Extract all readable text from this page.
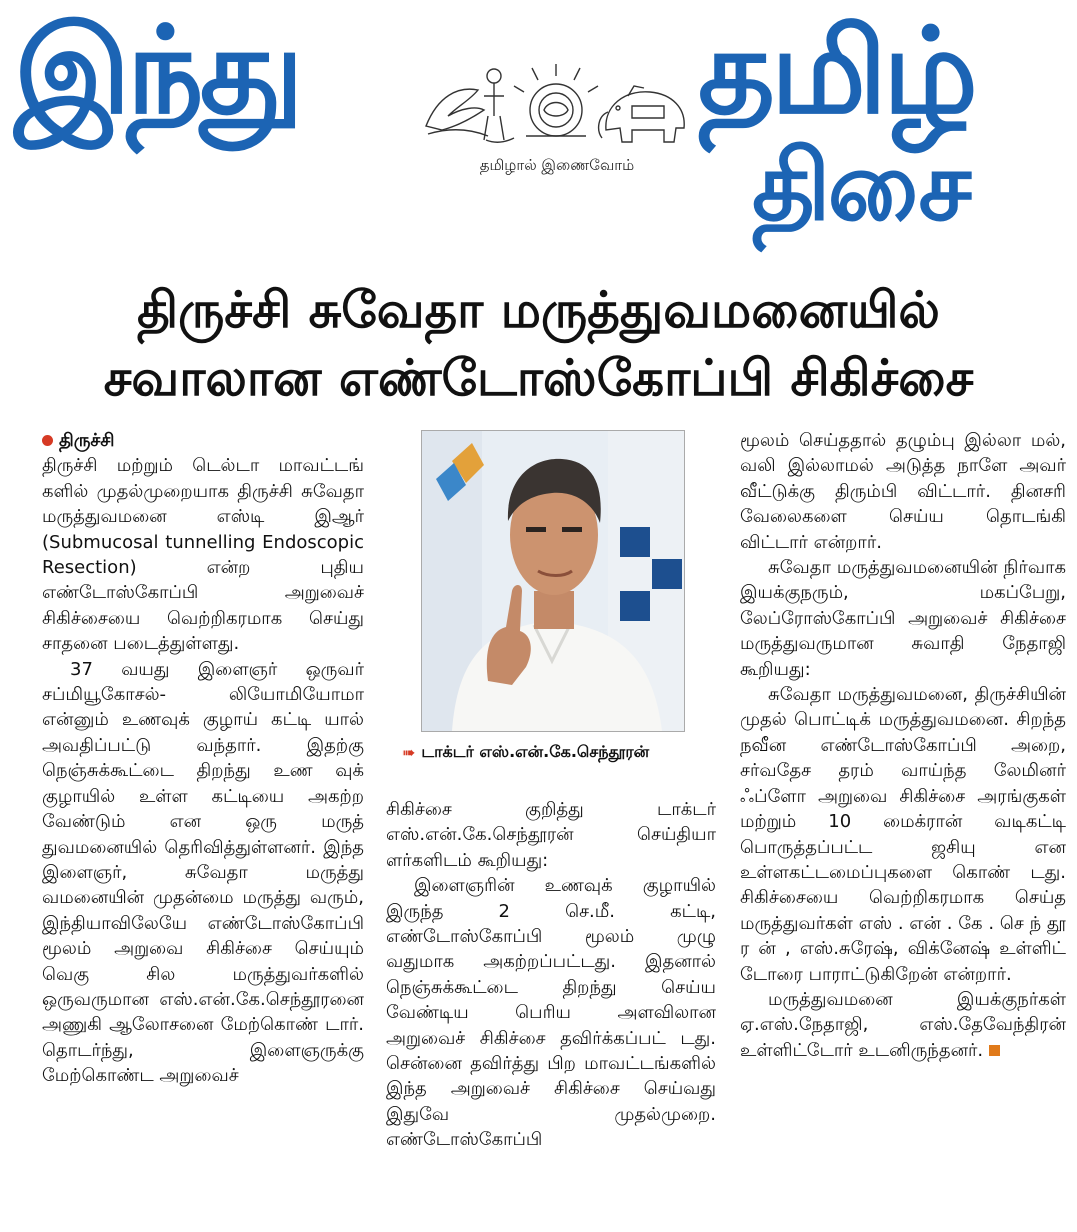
இந்து
தமிழால் இணைவோம்
தமிழ்
திசை
திருச்சி சுவேதா மருத்துவமனையில்
சவாலான எண்டோஸ்கோப்பி சிகிச்சை
திருச்சி

திருச்சி மற்றும் டெல்டா மாவட்டங் களில் முதல்முறையாக திருச்சி சுவேதா மருத்துவமனை எஸ்டி இஆர் (Submucosal tunnelling Endoscopic Resection) என்ற புதிய எண்டோஸ்கோப்பி அறுவைச் சிகிச்சையை வெற்றிகரமாக செய்து சாதனை படைத்துள்ளது.

37 வயது இளைஞர் ஒருவர் சப்மியூகோசல்- லியோமியோமா என்னும் உணவுக் குழாய் கட்டி யால் அவதிப்பட்டு வந்தார். இதற்கு நெஞ்சுக்கூட்டை திறந்து உண வுக் குழாயில் உள்ள கட்டியை அகற்ற வேண்டும் என ஒரு மருத் துவமனையில் தெரிவித்துள்ளனர். இந்த இளைஞர், சுவேதா மருத்து வமனையின் முதன்மை மருத்து வரும், இந்தியாவிலேயே எண்டோஸ்கோப்பி மூலம் அறுவை சிகிச்சை செய்யும் வெகு சில மருத்துவர்களில் ஒருவருமான எஸ்.என்.கே.செந்தூரனை அணுகி ஆலோசனை மேற்கொண் டார். தொடர்ந்து, இளைஞருக்கு மேற்கொண்ட அறுவைச்

➠ டாக்டர் எஸ்.என்.கே.செந்தூரன்

சிகிச்சை குறித்து டாக்டர் எஸ்.என்.கே.செந்தூரன் செய்தியா ளர்களிடம் கூறியது:

இளைஞரின் உணவுக் குழாயில் இருந்த 2 செ.மீ. கட்டி, எண்டோஸ்கோப்பி மூலம் முழு வதுமாக அகற்றப்பட்டது. இதனால் நெஞ்சுக்கூட்டை திறந்து செய்ய வேண்டிய பெரிய அளவிலான அறுவைச் சிகிச்சை தவிர்க்கப்பட் டது. சென்னை தவிர்த்து பிற மாவட்டங்களில் இந்த அறுவைச் சிகிச்சை செய்வது இதுவே முதல்முறை. எண்டோஸ்கோப்பி

மூலம் செய்ததால் தழும்பு இல்லா மல், வலி இல்லாமல் அடுத்த நாளே அவர் வீட்டுக்கு திரும்பி விட்டார். தினசரி வேலைகளை செய்ய தொடங்கி விட்டார் என்றார்.

சுவேதா மருத்துவமனையின் நிர்வாக இயக்குநரும், மகப்பேறு, லேப்ரோஸ்கோப்பி அறுவைச் சிகிச்சை மருத்துவருமான சுவாதி நேதாஜி கூறியது:

சுவேதா மருத்துவமனை, திருச்சியின் முதல் பொட்டிக் மருத்துவமனை. சிறந்த நவீன எண்டோஸ்கோப்பி அறை, சர்வதேச தரம் வாய்ந்த லேமினர் ஃப்ளோ அறுவை சிகிச்சை அரங்குகள் மற்றும் 10 மைக்ரான் வடிகட்டி பொருத்தப்பட்ட ஜசியு என உள்ளகட்டமைப்புகளை கொண் டது. சிகிச்சையை வெற்றிகரமாக செய்த மருத்துவர்கள் எஸ் . என் . கே . செ ந் தூ ர ன் , எஸ்.சுரேஷ், விக்னேஷ் உள்ளிட் டோரை பாராட்டுகிறேன் என்றார்.

மருத்துவமனை இயக்குநர்கள் ஏ.எஸ்.நேதாஜி, எஸ்.தேவேந்திரன் உள்ளிட்டோர் உடனிருந்தனர்.
